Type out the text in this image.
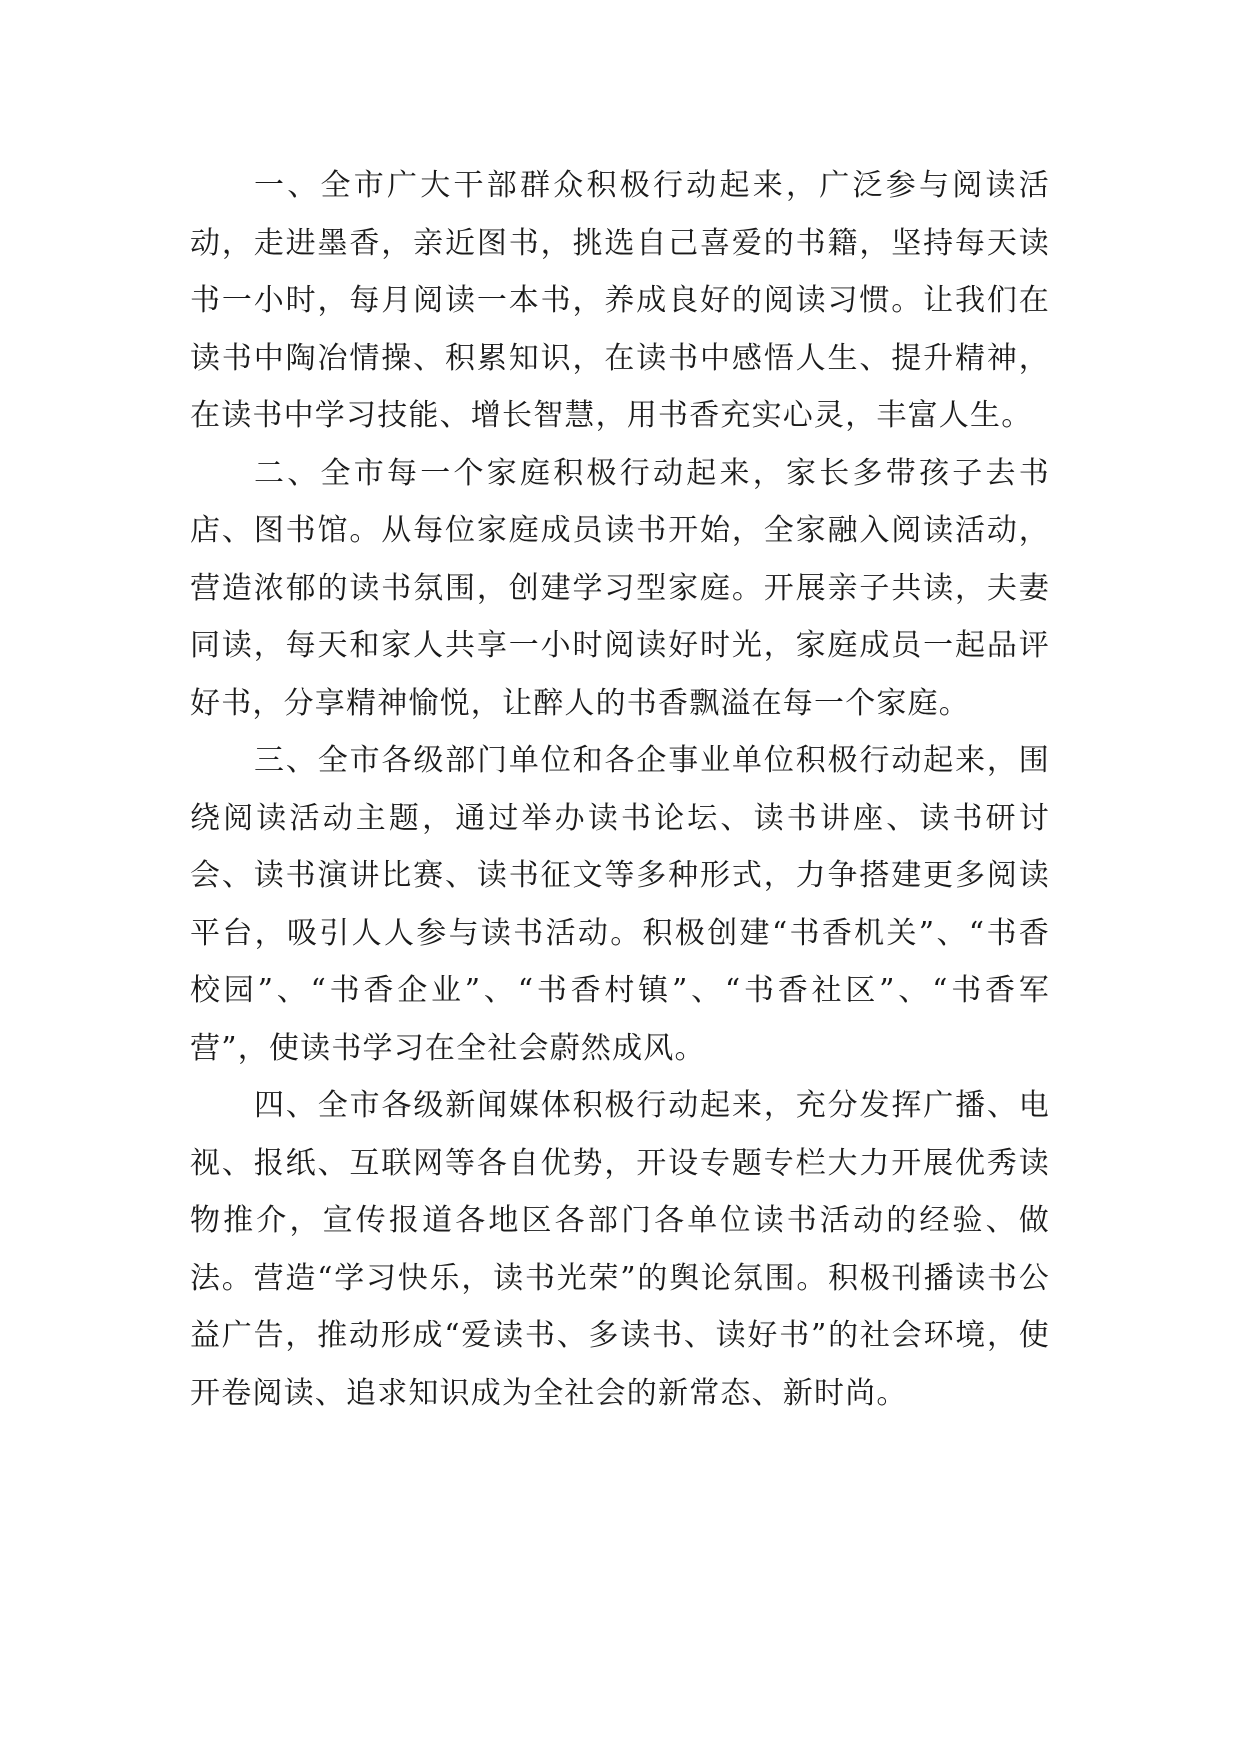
一、全市广大干部群众积极行动起来，广泛参与阅读活动，走进墨香，亲近图书，挑选自己喜爱的书籍，坚持每天读书一小时，每月阅读一本书，养成良好的阅读习惯。让我们在读书中陶冶情操、积累知识，在读书中感悟人生、提升精神，在读书中学习技能、增长智慧，用书香充实心灵，丰富人生。

二、全市每一个家庭积极行动起来，家长多带孩子去书店、图书馆。从每位家庭成员读书开始，全家融入阅读活动，营造浓郁的读书氛围，创建学习型家庭。开展亲子共读，夫妻同读，每天和家人共享一小时阅读好时光，家庭成员一起品评好书，分享精神愉悦，让醉人的书香飘溢在每一个家庭。

三、全市各级部门单位和各企事业单位积极行动起来，围绕阅读活动主题，通过举办读书论坛、读书讲座、读书研讨会、读书演讲比赛、读书征文等多种形式，力争搭建更多阅读平台，吸引人人参与读书活动。积极创建“书香机关”、“书香校园”、“书香企业”、“书香村镇”、“书香社区”、“书香军营”，使读书学习在全社会蔚然成风。

四、全市各级新闻媒体积极行动起来，充分发挥广播、电视、报纸、互联网等各自优势，开设专题专栏大力开展优秀读物推介，宣传报道各地区各部门各单位读书活动的经验、做法。营造“学习快乐，读书光荣”的舆论氛围。积极刊播读书公益广告，推动形成“爱读书、多读书、读好书”的社会环境，使开卷阅读、追求知识成为全社会的新常态、新时尚。
